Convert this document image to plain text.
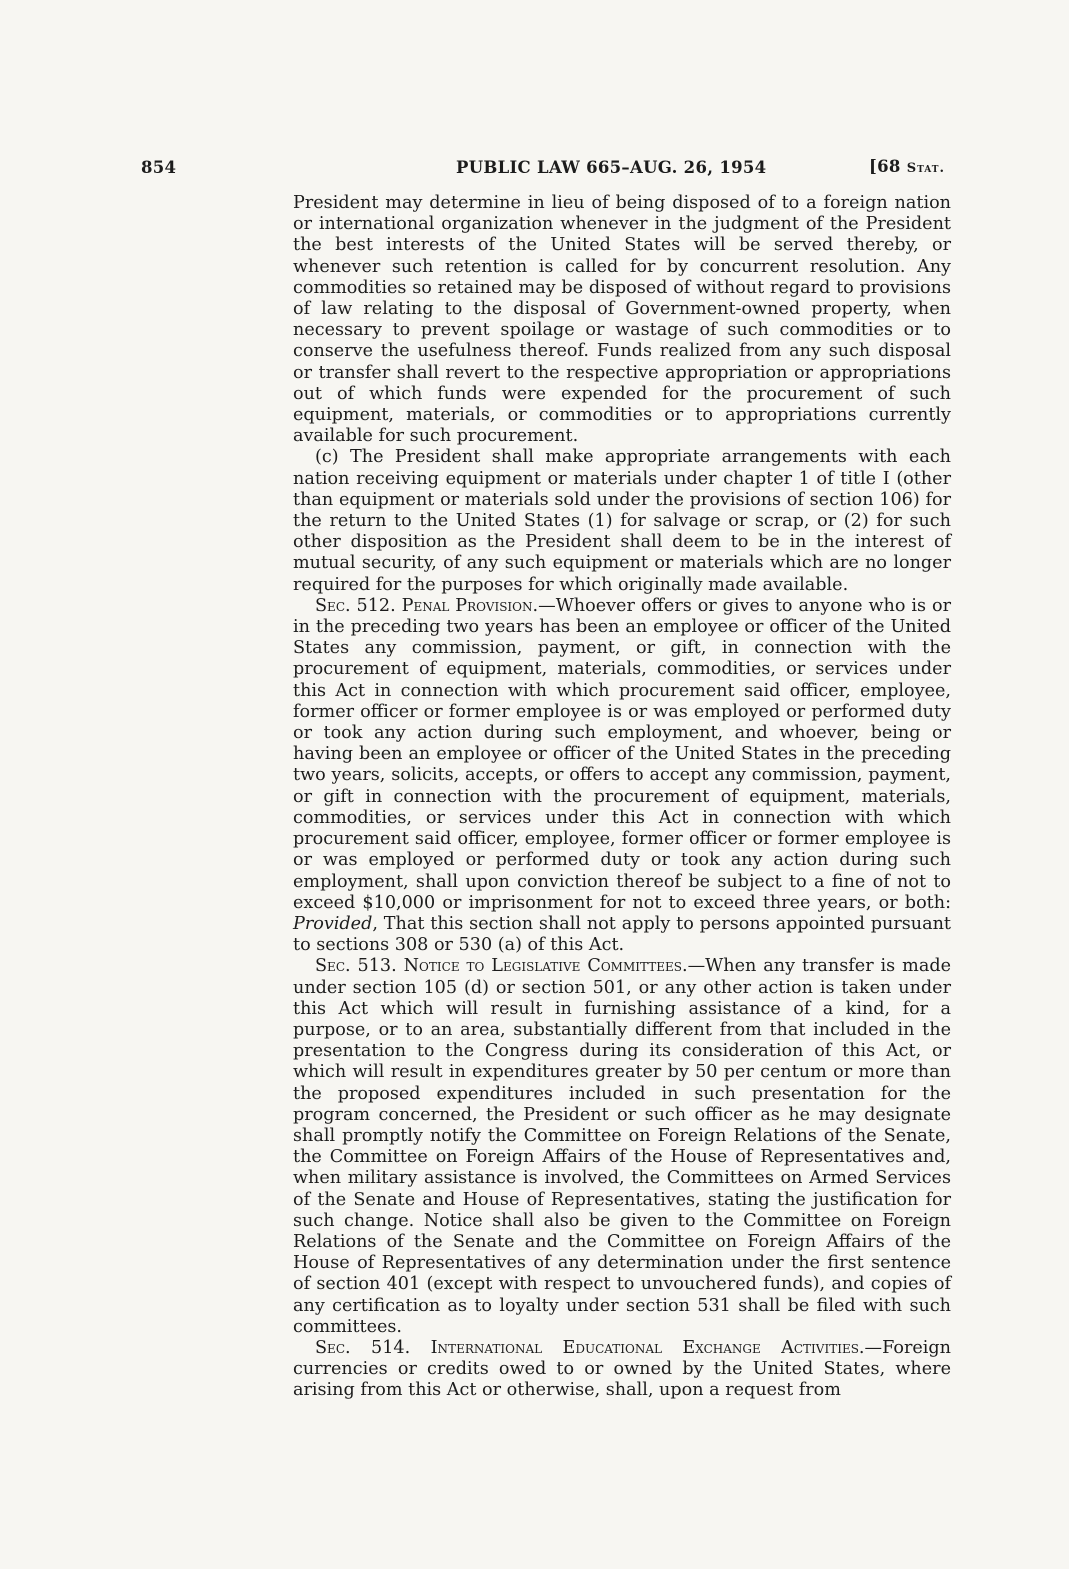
854	PUBLIC LAW 665–AUG. 26, 1954	[68 Stat.

President may determine in lieu of being disposed of to a foreign nation or international organization whenever in the judgment of the President the best interests of the United States will be served thereby, or whenever such retention is called for by concurrent resolution. Any commodities so retained may be disposed of without regard to provisions of law relating to the disposal of Government-owned property, when necessary to prevent spoilage or wastage of such commodities or to conserve the usefulness thereof. Funds realized from any such disposal or transfer shall revert to the respective appropriation or appropriations out of which funds were expended for the procurement of such equipment, materials, or commodities or to appropriations currently available for such procurement.

(c) The President shall make appropriate arrangements with each nation receiving equipment or materials under chapter 1 of title I (other than equipment or materials sold under the provisions of section 106) for the return to the United States (1) for salvage or scrap, or (2) for such other disposition as the President shall deem to be in the interest of mutual security, of any such equipment or materials which are no longer required for the purposes for which originally made available.

Sec. 512. Penal Provision.—Whoever offers or gives to anyone who is or in the preceding two years has been an employee or officer of the United States any commission, payment, or gift, in connection with the procurement of equipment, materials, commodities, or services under this Act in connection with which procurement said officer, employee, former officer or former employee is or was employed or performed duty or took any action during such employment, and whoever, being or having been an employee or officer of the United States in the preceding two years, solicits, accepts, or offers to accept any commission, payment, or gift in connection with the procurement of equipment, materials, commodities, or services under this Act in connection with which procurement said officer, employee, former officer or former employee is or was employed or performed duty or took any action during such employment, shall upon conviction thereof be subject to a fine of not to exceed $10,000 or imprisonment for not to exceed three years, or both: Provided, That this section shall not apply to persons appointed pursuant to sections 308 or 530 (a) of this Act.

Sec. 513. Notice to Legislative Committees.—When any transfer is made under section 105 (d) or section 501, or any other action is taken under this Act which will result in furnishing assistance of a kind, for a purpose, or to an area, substantially different from that included in the presentation to the Congress during its consideration of this Act, or which will result in expenditures greater by 50 per centum or more than the proposed expenditures included in such presentation for the program concerned, the President or such officer as he may designate shall promptly notify the Committee on Foreign Relations of the Senate, the Committee on Foreign Affairs of the House of Representatives and, when military assistance is involved, the Committees on Armed Services of the Senate and House of Representatives, stating the justification for such change. Notice shall also be given to the Committee on Foreign Relations of the Senate and the Committee on Foreign Affairs of the House of Representatives of any determination under the first sentence of section 401 (except with respect to unvouchered funds), and copies of any certification as to loyalty under section 531 shall be filed with such committees.

Sec. 514. International Educational Exchange Activities.—Foreign currencies or credits owed to or owned by the United States, where arising from this Act or otherwise, shall, upon a request from
